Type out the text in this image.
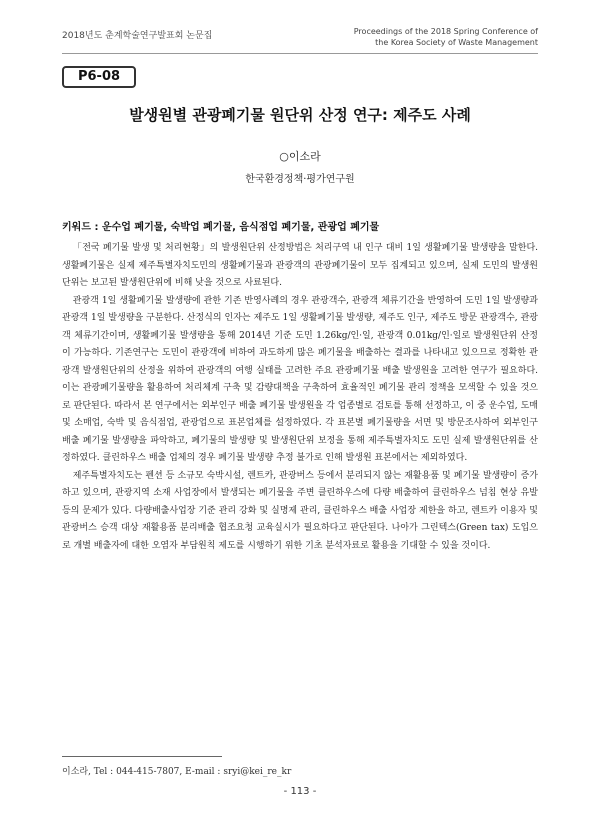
2018년도 춘계학술연구발표회 논문집	Proceedings of the 2018 Spring Conference of
the Korea Society of Waste Management
P6-08
발생원별 관광폐기물 원단위 산정 연구: 제주도 사례
○이소라
한국환경정책·평가연구원
키워드 : 운수업 폐기물, 숙박업 폐기물, 음식점업 폐기물, 관광업 폐기물

「전국 폐기물 발생 및 처리현황」의 발생원단위 산정방법은 처리구역 내 인구 대비 1일 생활폐기물 발생량을 말한다. 생활폐기물은 실제 제주특별자치도민의 생활폐기물과 관광객의 관광폐기물이 모두 집계되고 있으며, 실제 도민의 발생원단위는 보고된 발생원단위에 비해 낮을 것으로 사료된다.

관광객 1일 생활폐기물 발생량에 관한 기존 반영사례의 경우 관광객수, 관광객 체류기간을 반영하여 도민 1일 발생량과 관광객 1일 발생량을 구분한다. 산정식의 인자는 제주도 1일 생활폐기물 발생량, 제주도 인구, 제주도 방문 관광객수, 관광객 체류기간이며, 생활폐기물 발생량을 통해 2014년 기준 도민 1.26kg/인·일, 관광객 0.01kg/인·일로 발생원단위 산정이 가능하다. 기존연구는 도민이 관광객에 비하여 과도하게 많은 폐기물을 배출하는 결과를 나타내고 있으므로 정확한 관광객 발생원단위의 산정을 위하여 관광객의 여행 실태를 고려한 주요 관광폐기물 배출 발생원을 고려한 연구가 필요하다. 이는 관광폐기물량을 활용하여 처리체계 구축 및 감량대책을 구축하여 효율적인 폐기물 관리 정책을 모색할 수 있을 것으로 판단된다. 따라서 본 연구에서는 외부인구 배출 폐기물 발생원을 각 업종별로 검토를 통해 선정하고, 이 중 운수업, 도매 및 소매업, 숙박 및 음식점업, 관광업으로 표본업체를 설정하였다. 각 표본별 폐기물량을 서면 및 방문조사하여 외부인구 배출 폐기물 발생량을 파악하고, 폐기물의 발생량 및 발생원단위 보정을 통해 제주특별자치도 도민 실제 발생원단위를 산정하였다. 클린하우스 배출 업체의 경우 폐기물 발생량 추정 불가로 인해 발생원 표본에서는 제외하였다.

제주특별자치도는 펜션 등 소규모 숙박시설, 렌트카, 관광버스 등에서 분리되지 않는 재활용품 및 폐기물 발생량이 증가하고 있으며, 관광지역 소재 사업장에서 발생되는 폐기물을 주변 클린하우스에 다량 배출하여 클린하우스 넘침 현상 유발 등의 문제가 있다. 다량배출사업장 기준 관리 강화 및 실명제 관리, 클린하우스 배출 사업장 제한을 하고, 렌트카 이용자 및 관광버스 승객 대상 재활용품 분리배출 협조요청 교육실시가 필요하다고 판단된다. 나아가 그린텍스(Green tax) 도입으로 개별 배출자에 대한 오염자 부담원칙 제도를 시행하기 위한 기초 분석자료로 활용을 기대할 수 있을 것이다.

이소라, Tel : 044-415-7807, E-mail : sryi@kei_re_kr
- 113 -
